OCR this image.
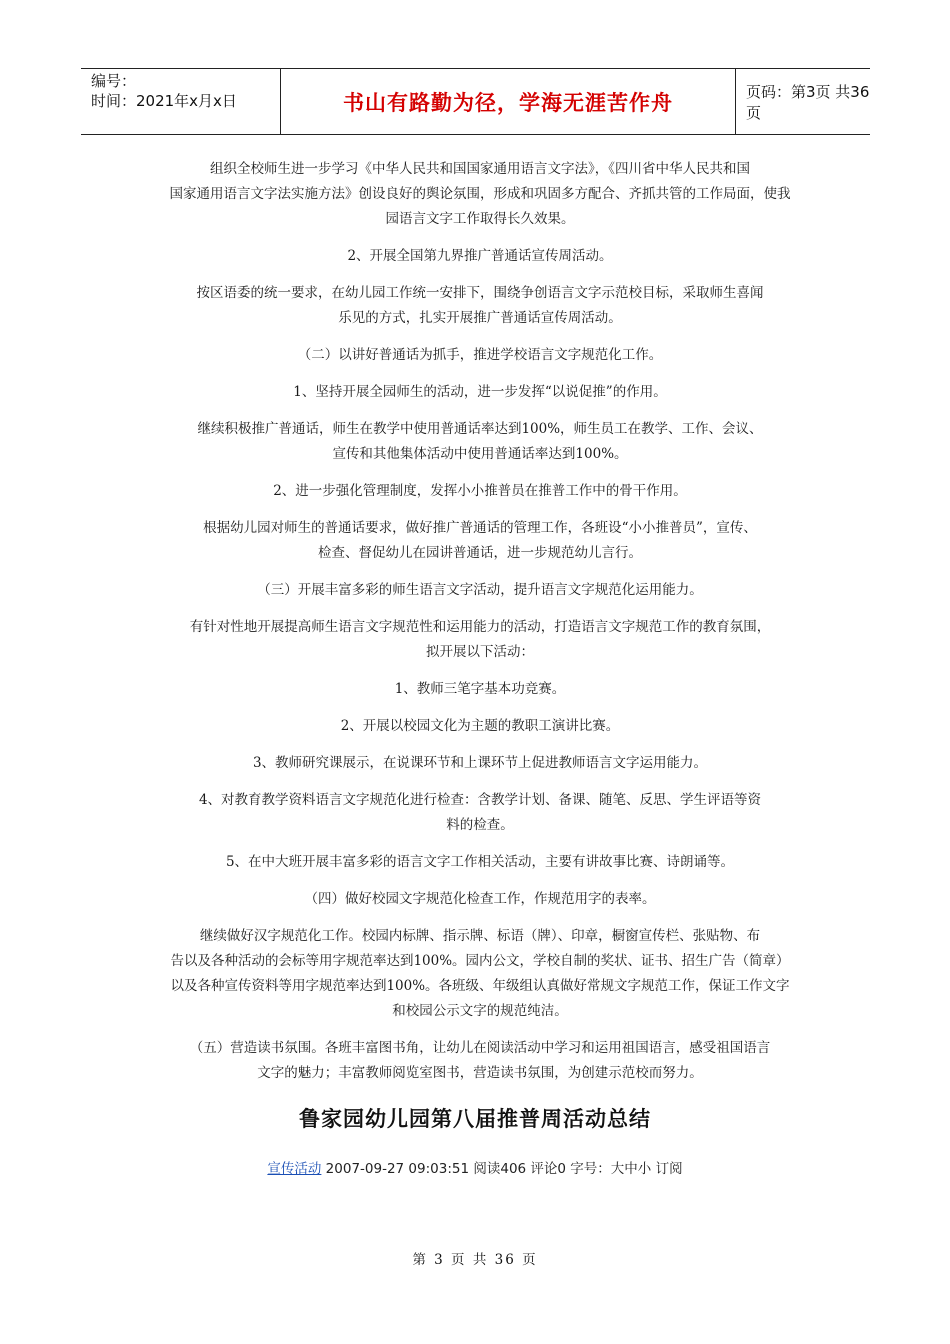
编号：
时间：2021年x月x日	书山有路勤为径，学海无涯苦作舟	页码：第3页 共36页
组织全校师生进一步学习《中华人民共和国国家通用语言文字法》，《四川省中华人民共和国
国家通用语言文字法实施方法》创设良好的舆论氛围，形成和巩固多方配合、齐抓共管的工作局面，使我
园语言文字工作取得长久效果。
2、开展全国第九界推广普通话宣传周活动。
按区语委的统一要求，在幼儿园工作统一安排下，围绕争创语言文字示范校目标，采取师生喜闻
乐见的方式，扎实开展推广普通话宣传周活动。
（二）以讲好普通话为抓手，推进学校语言文字规范化工作。
1、坚持开展全园师生的活动，进一步发挥“以说促推”的作用。
继续积极推广普通话，师生在教学中使用普通话率达到100%，师生员工在教学、工作、会议、
宣传和其他集体活动中使用普通话率达到100%。
2、进一步强化管理制度，发挥小小推普员在推普工作中的骨干作用。
根据幼儿园对师生的普通话要求，做好推广普通话的管理工作，各班设“小小推普员”，宣传、
检查、督促幼儿在园讲普通话，进一步规范幼儿言行。
（三）开展丰富多彩的师生语言文字活动，提升语言文字规范化运用能力。
有针对性地开展提高师生语言文字规范性和运用能力的活动，打造语言文字规范工作的教育氛围，
拟开展以下活动：
1、教师三笔字基本功竞赛。
2、开展以校园文化为主题的教职工演讲比赛。
3、教师研究课展示，在说课环节和上课环节上促进教师语言文字运用能力。
4、对教育教学资料语言文字规范化进行检查：含教学计划、备课、随笔、反思、学生评语等资
料的检查。
5、在中大班开展丰富多彩的语言文字工作相关活动，主要有讲故事比赛、诗朗诵等。
（四）做好校园文字规范化检查工作，作规范用字的表率。
继续做好汉字规范化工作。校园内标牌、指示牌、标语（牌）、印章，橱窗宣传栏、张贴物、布
告以及各种活动的会标等用字规范率达到100%。园内公文，学校自制的奖状、证书、招生广告（简章）
以及各种宣传资料等用字规范率达到100%。各班级、年级组认真做好常规文字规范工作，保证工作文字
和校园公示文字的规范纯洁。
（五）营造读书氛围。各班丰富图书角，让幼儿在阅读活动中学习和运用祖国语言，感受祖国语言
文字的魅力；丰富教师阅览室图书，营造读书氛围，为创建示范校而努力。
鲁家园幼儿园第八届推普周活动总结
宣传活动 2007-09-27 09:03:51 阅读406 评论0 字号：大中小 订阅
第 3 页 共 36 页
